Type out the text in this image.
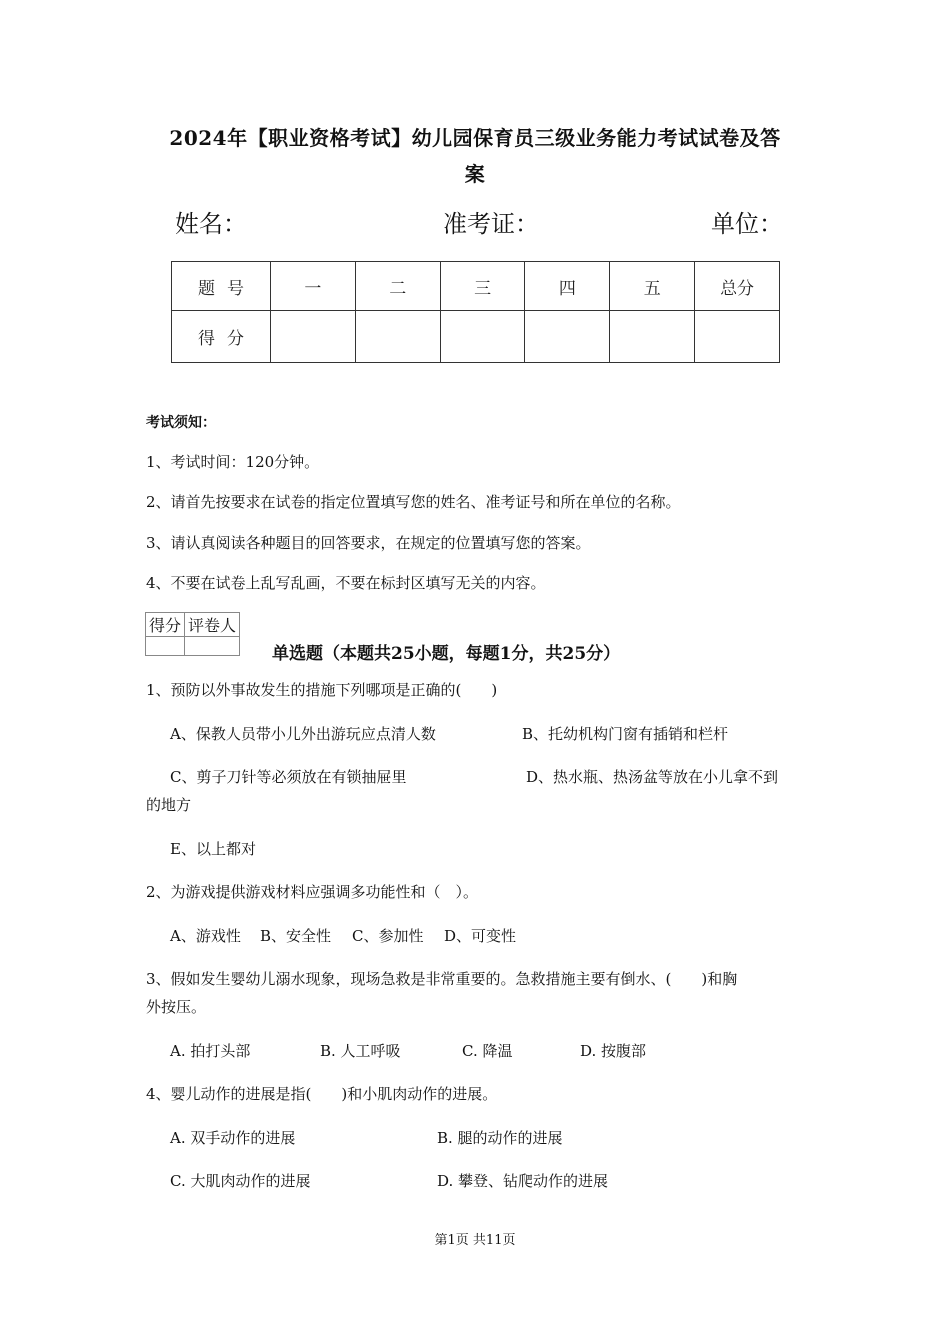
2024年【职业资格考试】幼儿园保育员三级业务能力考试试卷及答
案
姓名：	准考证：	单位：
题号	一	二	三	四	五	总分
得分						
考试须知：
1、考试时间：120分钟。
2、请首先按要求在试卷的指定位置填写您的姓名、准考证号和所在单位的名称。
3、请认真阅读各种题目的回答要求，在规定的位置填写您的答案。
4、不要在试卷上乱写乱画，不要在标封区填写无关的内容。
得分	评卷人

单选题（本题共25小题，每题1分，共25分）
1、预防以外事故发生的措施下列哪项是正确的(　　)
A、保教人员带小儿外出游玩应点清人数	B、托幼机构门窗有插销和栏杆
C、剪子刀针等必须放在有锁抽屉里	D、热水瓶、热汤盆等放在小儿拿不到
的地方
E、以上都对
2、为游戏提供游戏材料应强调多功能性和（　）。
A、游戏性 B、安全性 C、参加性 D、可变性
3、假如发生婴幼儿溺水现象，现场急救是非常重要的。急救措施主要有倒水、(　　)和胸
外按压。
A. 拍打头部	B. 人工呼吸	C. 降温	D. 按腹部
4、婴儿动作的进展是指(　　)和小肌肉动作的进展。
A. 双手动作的进展	B. 腿的动作的进展
C. 大肌肉动作的进展	D. 攀登、钻爬动作的进展
第1页 共11页
